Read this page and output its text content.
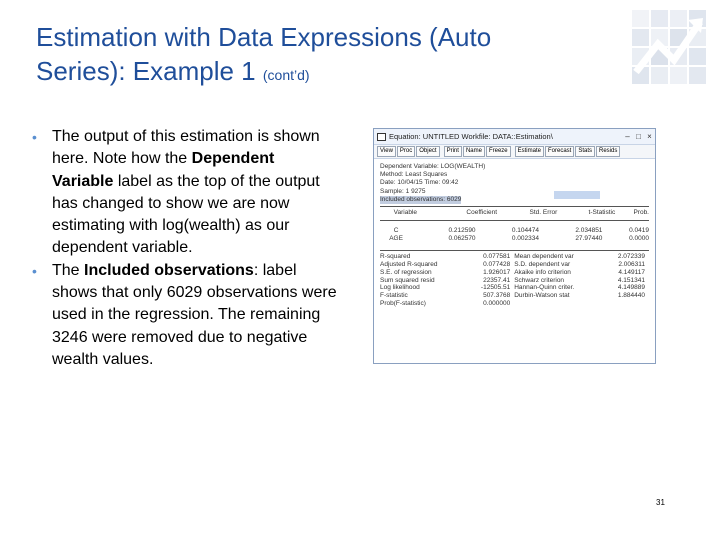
Estimation with Data Expressions (Auto
Series): Example 1 (cont’d)
• The output of this estimation is shown here. Note how the Dependent Variable label as the top of the output has changed to show we are now estimating with log(wealth) as our dependent variable.
• The Included observations: label shows that only 6029 observations were used in the regression. The remaining 3246 were removed due to negative wealth values.
Equation: UNTITLED Workfile: DATA::Estimation\	– □ ×
View	Proc	Object	Print	Name	Freeze	Estimate	Forecast	Stats	Resids
Dependent Variable: LOG(WEALTH)
Method: Least Squares
Date: 10/04/15 Time: 09:42
Sample: 1 9275
Included observations: 6029
Variable	Coefficient	Std. Error	t-Statistic	Prob.

C	0.212590	0.104474	2.034851	0.0419
AGE	0.062570	0.002334	27.97440	0.0000

R-squared	0.077581	Mean dependent var	2.072339
Adjusted R-squared	0.077428	S.D. dependent var	2.006311
S.E. of regression	1.926017	Akaike info criterion	4.149117
Sum squared resid	22357.41	Schwarz criterion	4.151341
Log likelihood	-12505.51	Hannan-Quinn criter.	4.149889
F-statistic	507.3768	Durbin-Watson stat	1.884440
Prob(F-statistic)	0.000000		
31
